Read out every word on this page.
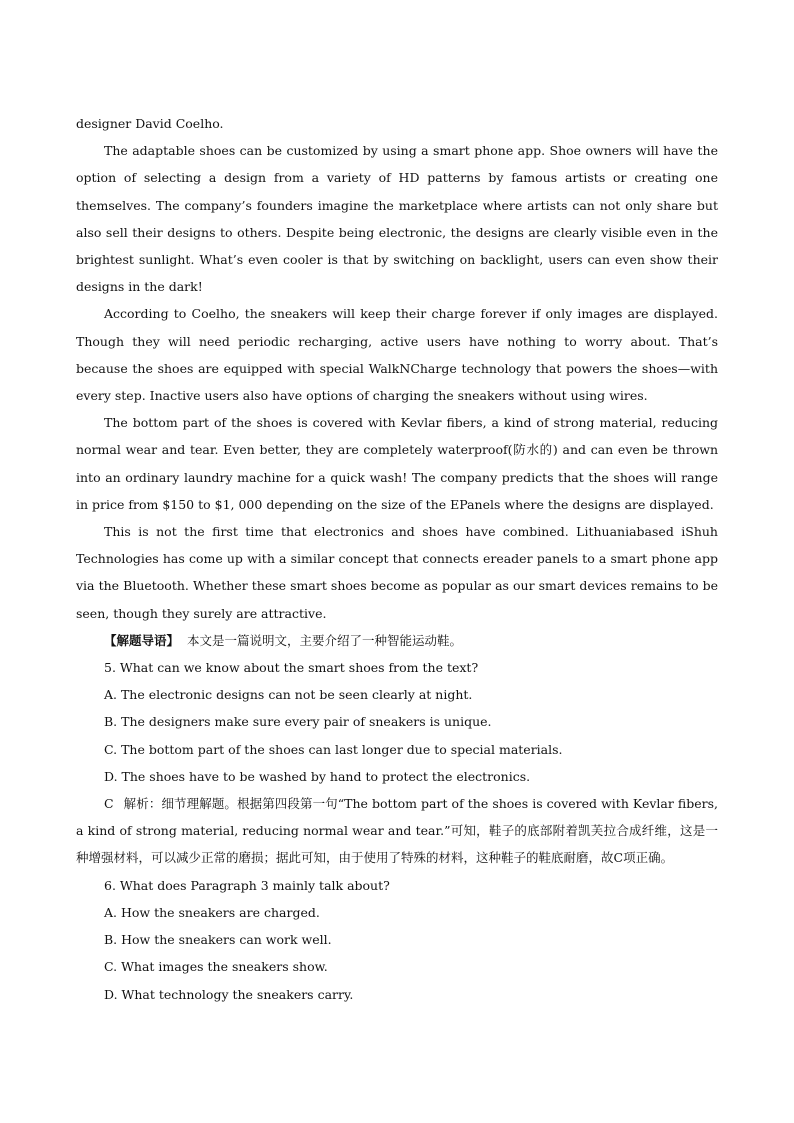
designer David Coelho.

The adaptable shoes can be customized by using a smart phone app. Shoe owners will have the option of selecting a design from a variety of HD patterns by famous artists or creating one themselves. The company’s founders imagine the marketplace where artists can not only share but also sell their designs to others. Despite being electronic, the designs are clearly visible even in the brightest sunlight. What’s even cooler is that by switching on backlight, users can even show their designs in the dark!

According to Coelho, the sneakers will keep their charge forever if only images are displayed. Though they will need periodic recharging, active users have nothing to worry about. That’s because the shoes are equipped with special WalkNCharge technology that powers the shoes—with every step. Inactive users also have options of charging the sneakers without using wires.

The bottom part of the shoes is covered with Kevlar fibers, a kind of strong material, reducing normal wear and tear. Even better, they are completely waterproof(防水的) and can even be thrown into an ordinary laundry machine for a quick wash! The company predicts that the shoes will range in price from $150 to $1, 000 depending on the size of the EPanels where the designs are displayed.

This is not the first time that electronics and shoes have combined. Lithuaniabased iShuh Technologies has come up with a similar concept that connects ereader panels to a smart phone app via the Bluetooth. Whether these smart shoes become as popular as our smart devices remains to be seen, though they surely are attractive.

【解题导语】 本文是一篇说明文，主要介绍了一种智能运动鞋。

5. What can we know about the smart shoes from the text?

A. The electronic designs can not be seen clearly at night.

B. The designers make sure every pair of sneakers is unique.

C. The bottom part of the shoes can last longer due to special materials.

D. The shoes have to be washed by hand to protect the electronics.

C 解析：细节理解题。根据第四段第一句“The bottom part of the shoes is covered with Kevlar fibers, a kind of strong material, reducing normal wear and tear.”可知，鞋子的底部附着凯芙拉合成纤维，这是一种增强材料，可以减少正常的磨损；据此可知，由于使用了特殊的材料，这种鞋子的鞋底耐磨，故C项正确。

6. What does Paragraph 3 mainly talk about?

A. How the sneakers are charged.

B. How the sneakers can work well.

C. What images the sneakers show.

D. What technology the sneakers carry.
